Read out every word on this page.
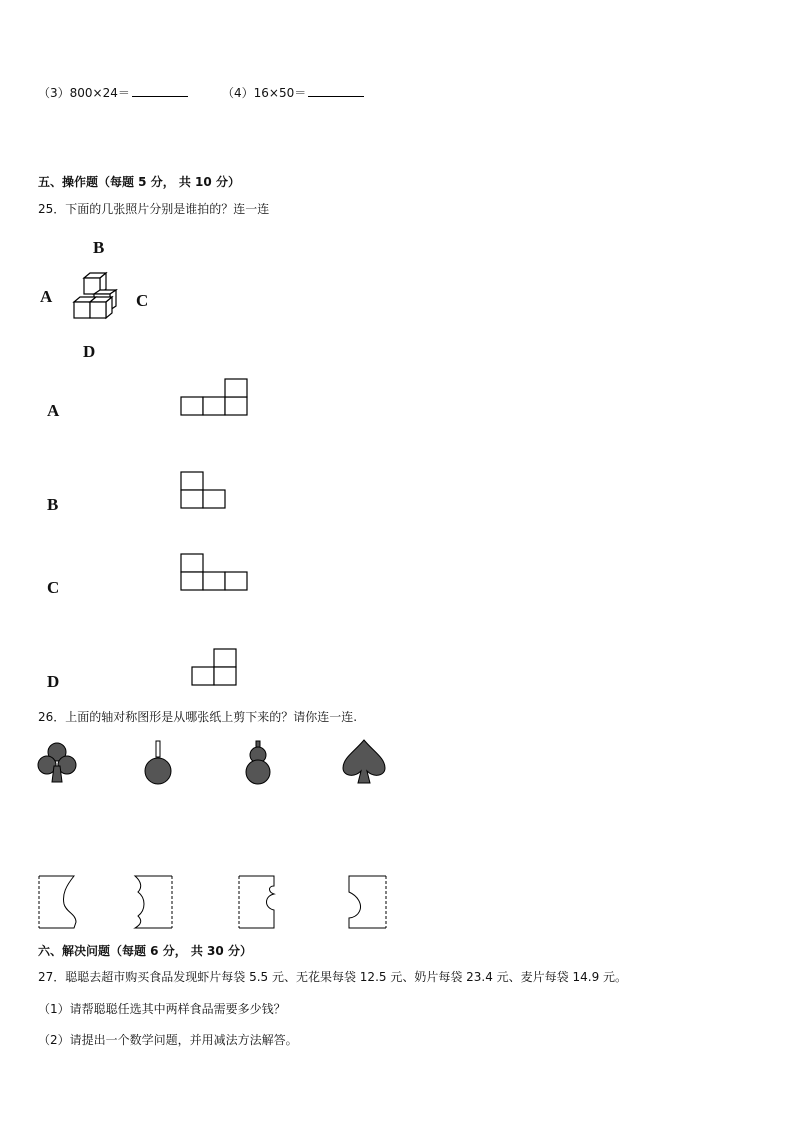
（3）800×24＝	（4）16×50＝
五、操作题（每题 5 分， 共 10 分）
25．下面的几张照片分别是谁拍的？连一连
B
A	C
D
A
B
C
D
26．上面的轴对称图形是从哪张纸上剪下来的？请你连一连.
六、解决问题（每题 6 分， 共 30 分）
27．聪聪去超市购买食品发现虾片每袋 5.5 元、无花果每袋 12.5 元、奶片每袋 23.4 元、麦片每袋 14.9 元。
（1）请帮聪聪任选其中两样食品需要多少钱？
（2）请提出一个数学问题，并用减法方法解答。
